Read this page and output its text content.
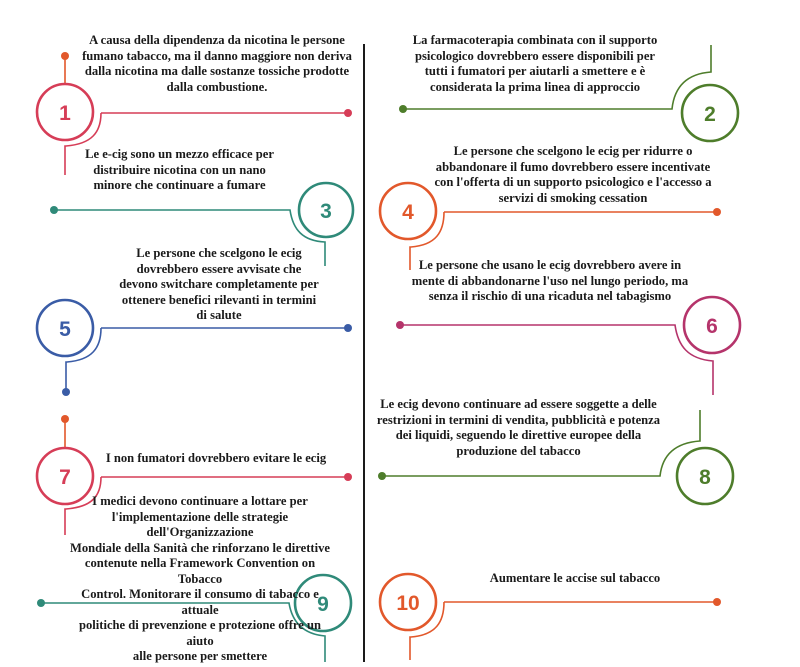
1	2
3	4
5	6
7	8
9	10
A causa della dipendenza da nicotina le persone
fumano tabacco, ma il danno maggiore non deriva
dalla nicotina ma dalle sostanze tossiche prodotte
dalla combustione.
La farmacoterapia combinata con il supporto
psicologico dovrebbero essere disponibili per
tutti i fumatori per aiutarli a smettere e è
considerata la prima linea di approccio
Le e-cig sono un mezzo efficace per
distribuire nicotina con un nano
minore che continuare a fumare
Le persone che scelgono le ecig per ridurre o
abbandonare il fumo dovrebbero essere incentivate
con l'offerta di un supporto psicologico e l'accesso a
servizi di smoking cessation
Le persone che scelgono le ecig
dovrebbero essere avvisate che
devono switchare completamente per
ottenere benefici rilevanti in termini
di salute
Le persone che usano le ecig dovrebbero avere in
mente di abbandonarne l'uso nel lungo periodo, ma
senza il rischio di una ricaduta nel tabagismo
I non fumatori dovrebbero evitare le ecig
Le ecig devono continuare ad essere soggette a delle
restrizioni in termini di vendita, pubblicità e potenza
dei liquidi, seguendo le direttive europee della
produzione del tabacco
I medici devono continuare a lottare per
l'implementazione delle strategie dell'Organizzazione
Mondiale della Sanità che rinforzano le direttive
contenute nella Framework Convention on Tobacco
Control. Monitorare il consumo di tabacco e attuale
politiche di prevenzione e protezione offre un aiuto
alle persone per smettere
Aumentare le accise sul tabacco
